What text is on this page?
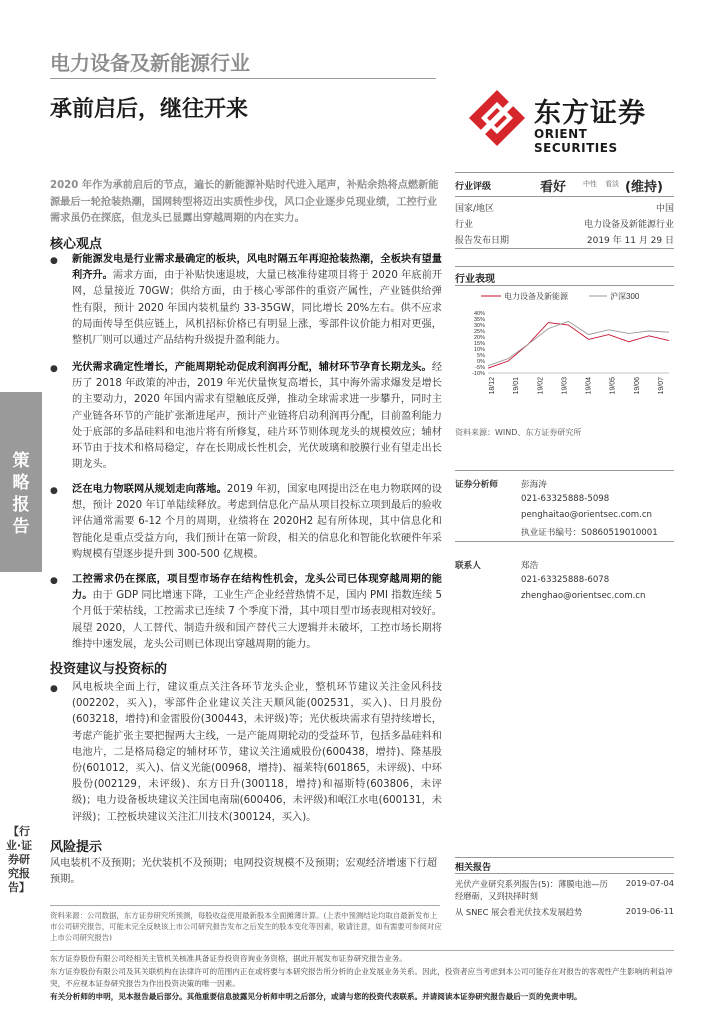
电力设备及新能源行业
承前启后，继往开来	东方证券
ORIENT SECURITIES
2020 年作为承前启后的节点，遍长的新能源补贴时代进入尾声，补贴余热将点燃新能源最后一轮抢装热潮，国网转型将迈出实质性步伐，风口企业逐步兑现业绩，工控行业需求虽仍在探底，但龙头已显露出穿越周期的内在实力。
核心观点
● 新能源发电是行业需求最确定的板块，风电时隔五年再迎抢装热潮，全板块有望量利齐升。需求方面，由于补贴快速退坡，大量已核准待建项目将于 2020 年底前开网，总量接近 70GW；供给方面，由于核心零部件的重资产属性，产业链供给弹性有限，预计 2020 年国内装机量约 33-35GW，同比增长 20%左右。供不应求的局面传导至供应链上，风机招标价格已有明显上涨，零部件议价能力相对更强，整机厂则可以通过产品结构升级提升盈利能力。
● 光伏需求确定性增长，产能周期轮动促成利润再分配，辅材环节孕育长期龙头。经历了 2018 年政策的冲击，2019 年光伏量恢复高增长，其中海外需求爆发是增长的主要动力，2020 年国内需求有望触底反弹，推动全球需求进一步攀升，同时主产业链各环节的产能扩张渐进尾声，预计产业链将启动利润再分配，目前盈利能力处于底部的多晶硅料和电池片将有所修复，硅片环节则体现龙头的规模效应；辅材环节由于技术和格局稳定，存在长期成长性机会，光伏玻璃和胶膜行业有望走出长期龙头。
● 泛在电力物联网从规划走向落地。2019 年初，国家电网提出泛在电力物联网的设想，预计 2020 年订单陆续释放。考虑到信息化产品从项目投标立项到最后的验收评估通常需要 6-12 个月的周期，业绩将在 2020H2 起有所体现，其中信息化和智能化是重点受益方向，我们预计在第一阶段，相关的信息化和智能化软硬件年采购规模有望逐步提升到 300-500 亿规模。
● 工控需求仍在探底，项目型市场存在结构性机会，龙头公司已体现穿越周期的能力。由于 GDP 同比增速下降，工业生产企业经营热情不足，国内 PMI 指数连续 5 个月低于荣枯线，工控需求已连续 7 个季度下滑，其中项目型市场表现相对较好。展望 2020，人工替代、制造升级和国产替代三大逻辑并未破坏，工控市场长期将维持中速发展，龙头公司则已体现出穿越周期的能力。
投资建议与投资标的
● 风电板块全面上行，建议重点关注各环节龙头企业，整机环节建议关注金风科技(002202，买入)，零部件企业建议关注天顺风能(002531，买入)、日月股份(603218，增持)和金雷股份(300443，未评级)等；光伏板块需求有望持续增长，考虑产能扩张主要把握两大主线，一是产能周期轮动的受益环节，包括多晶硅料和电池片，二是格局稳定的辅材环节，建议关注通威股份(600438，增持)、隆基股份(601012，买入)、信义光能(00968，增持)、福莱特(601865，未评级)、中环股份(002129，未评级)、东方日升(300118，增持)和福斯特(603806，未评级)；电力设备板块建议关注国电南瑞(600406，未评级)和岷江水电(600131，未评级)；工控板块建议关注汇川技术(300124，买入)。
风险提示
风电装机不及预期；光伏装机不及预期；电网投资规模不及预期；宏观经济增速下行超预期。
策略报告
【行业·证券研究报告】
资料来源：公司数据，东方证券研究所预测，每股收益使用最新股本全面摊薄计算。(上表中预测结论均取自最新发布上市公司研究报告，可能未完全反映该上市公司研究报告发布之后发生的股本变化等因素，敬请注意，如有需要可参阅对应上市公司研究报告)
东方证券股份有限公司经相关主管机关核准具备证券投资咨询业务资格，据此开展发布证券研究报告业务。
东方证券股份有限公司及其关联机构在法律许可的范围内正在或将要与本研究报告所分析的企业发展业务关系。因此，投资者应当考虑到本公司可能存在对报告的客观性产生影响的利益冲突，不应视本证券研究报告为作出投资决策的唯一因素。
有关分析师的申明，见本报告最后部分。其他重要信息披露见分析师申明之后部分，或请与您的投资代表联系。并请阅读本证券研究报告最后一页的免责申明。
行业评级	看好 中性 看淡 (维持)
国家/地区	中国
行业	电力设备及新能源行业
报告发布日期	2019 年 11 月 29 日
行业表现
电力设备及新能源	沪深300
40%
35%
30%
25%
20%
15%
10%
5%
0%
-5%
-10%
18/12 19/01 19/02 19/03 19/04 19/05 19/06 19/07
资料来源：WIND、东方证券研究所
证券分析师	彭海涛
021-63325888-5098
penghaitao@orientsec.com.cn
执业证书编号：S0860519010001
联系人	郑浩
021-63325888-6078
zhenghao@orientsec.com.cn
相关报告
光伏产业研究系列报告(5)：薄膜电池—历经磨砺，又到抉择时刻
2019-07-04
从 SNEC 展会看光伏技术发展趋势	2019-06-11
